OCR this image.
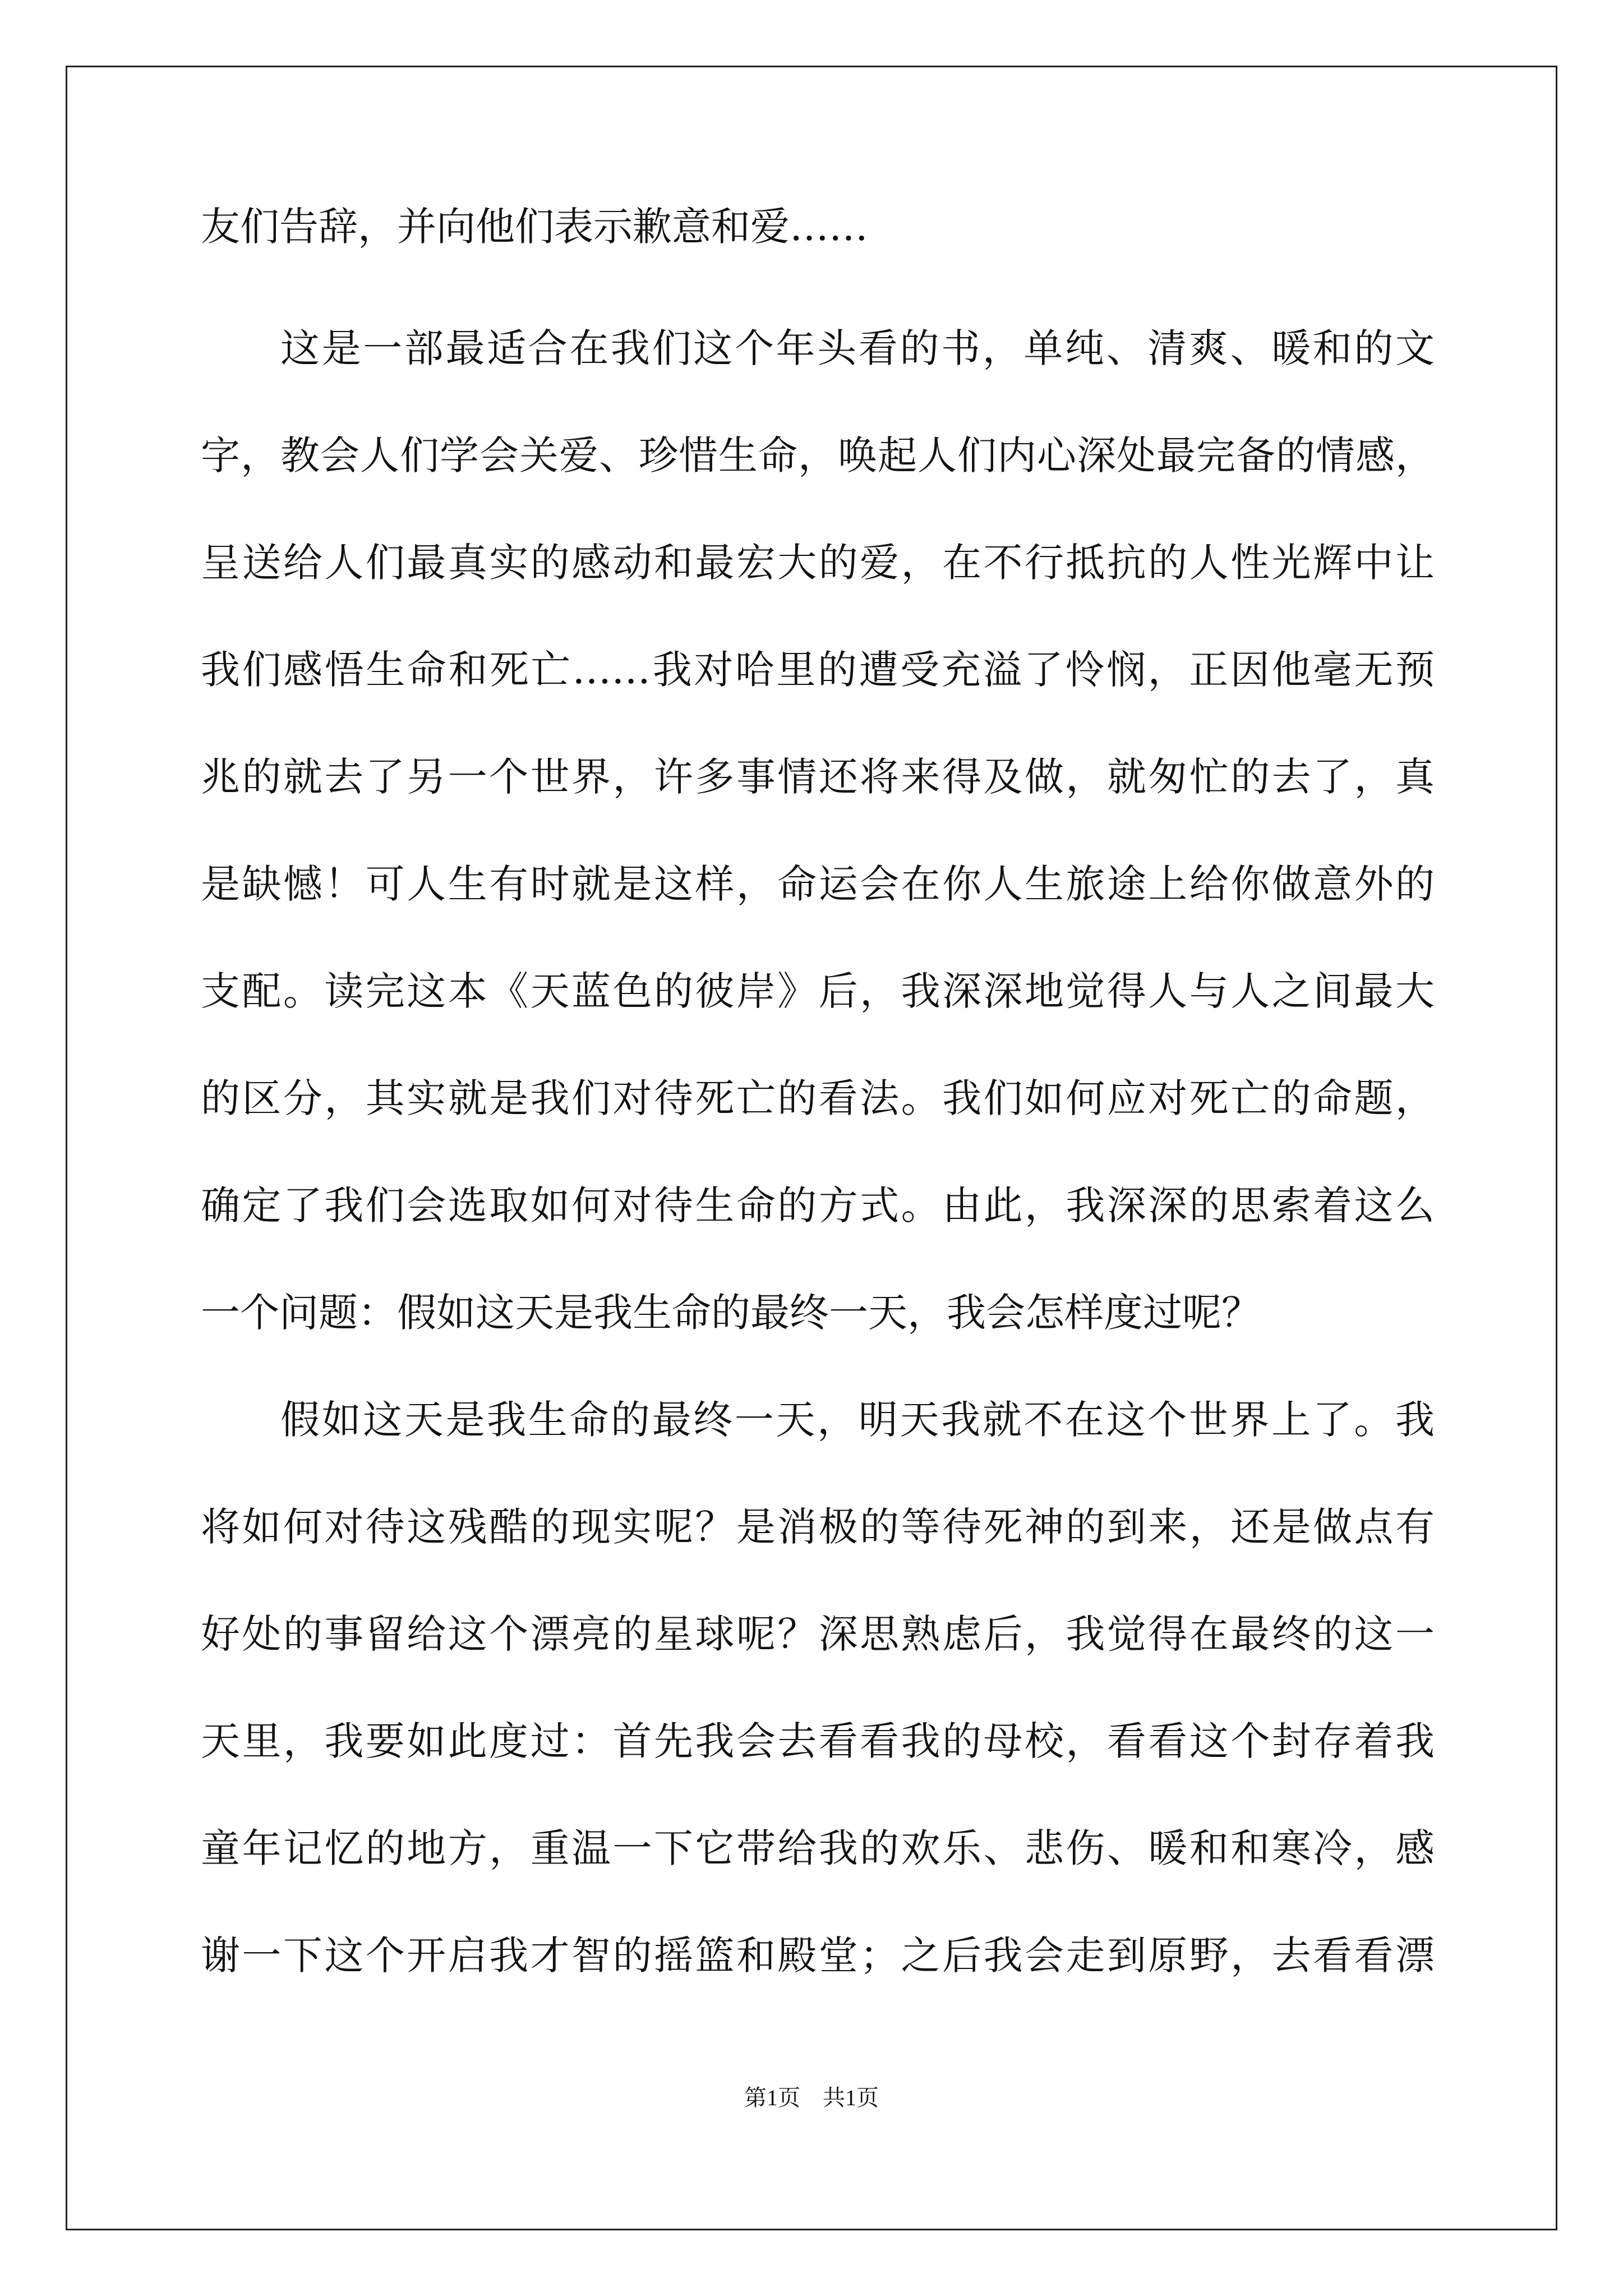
友们告辞，并向他们表示歉意和爱……
这是一部最适合在我们这个年头看的书，单纯、清爽、暖和的文
字，教会人们学会关爱、珍惜生命，唤起人们内心深处最完备的情感，
呈送给人们最真实的感动和最宏大的爱，在不行抵抗的人性光辉中让
我们感悟生命和死亡……我对哈里的遭受充溢了怜悯，正因他毫无预
兆的就去了另一个世界，许多事情还将来得及做，就匆忙的去了，真
是缺憾！可人生有时就是这样，命运会在你人生旅途上给你做意外的
支配。读完这本《天蓝色的彼岸》后，我深深地觉得人与人之间最大
的区分，其实就是我们对待死亡的看法。我们如何应对死亡的命题，
确定了我们会选取如何对待生命的方式。由此，我深深的思索着这么
一个问题：假如这天是我生命的最终一天，我会怎样度过呢？
假如这天是我生命的最终一天，明天我就不在这个世界上了。我
将如何对待这残酷的现实呢？是消极的等待死神的到来，还是做点有
好处的事留给这个漂亮的星球呢？深思熟虑后，我觉得在最终的这一
天里，我要如此度过：首先我会去看看我的母校，看看这个封存着我
童年记忆的地方，重温一下它带给我的欢乐、悲伤、暖和和寒冷，感
谢一下这个开启我才智的摇篮和殿堂；之后我会走到原野，去看看漂
第1页　共1页
